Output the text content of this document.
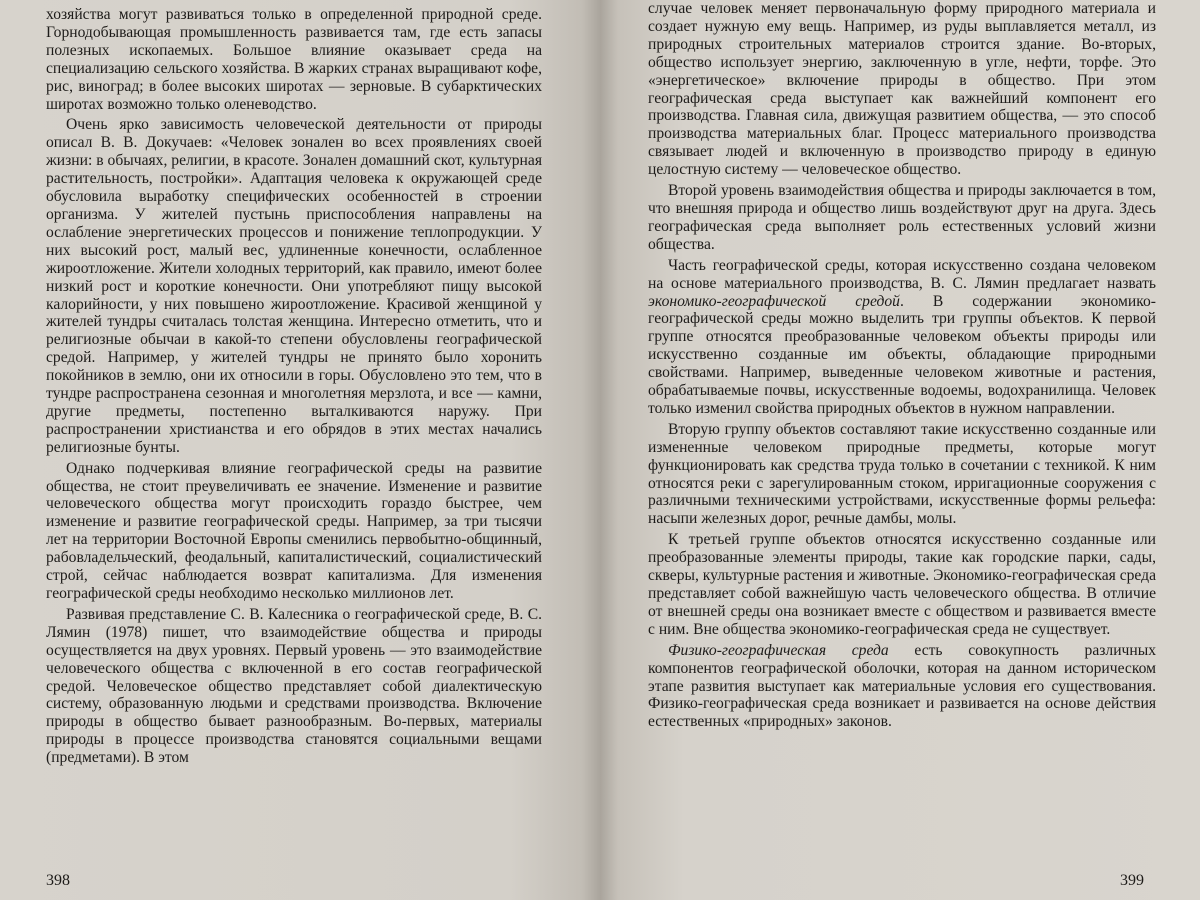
хозяйства могут развиваться только в определенной природной среде. Горнодобывающая промышленность развивается там, где есть запасы полезных ископаемых. Большое влияние оказывает среда на специализацию сельского хозяйства. В жарких странах выращивают кофе, рис, виноград; в более высоких широтах — зерновые. В субарктических широтах возможно только оленеводство.

Очень ярко зависимость человеческой деятельности от природы описал В. В. Докучаев: «Человек зонален во всех проявлениях своей жизни: в обычаях, религии, в красоте. Зонален домашний скот, культурная растительность, постройки». Адаптация человека к окружающей среде обусловила выработку специфических особенностей в строении организма. У жителей пустынь приспособления направлены на ослабление энергетических процессов и понижение теплопродукции. У них высокий рост, малый вес, удлиненные конечности, ослабленное жироотложение. Жители холодных территорий, как правило, имеют более низкий рост и короткие конечности. Они употребляют пищу высокой калорийности, у них повышено жироотложение. Красивой женщиной у жителей тундры считалась толстая женщина. Интересно отметить, что и религиозные обычаи в какой-то степени обусловлены географической средой. Например, у жителей тундры не принято было хоронить покойников в землю, они их относили в горы. Обусловлено это тем, что в тундре распространена сезонная и многолетняя мерзлота, и все — камни, другие предметы, постепенно выталкиваются наружу. При распространении христианства и его обрядов в этих местах начались религиозные бунты.

Однако подчеркивая влияние географической среды на развитие общества, не стоит преувеличивать ее значение. Изменение и развитие человеческого общества могут происходить гораздо быстрее, чем изменение и развитие географической среды. Например, за три тысячи лет на территории Восточной Европы сменились первобытно-общинный, рабовладельческий, феодальный, капиталистический, социалистический строй, сейчас наблюдается возврат капитализма. Для изменения географической среды необходимо несколько миллионов лет.

Развивая представление С. В. Калесника о географической среде, В. С. Лямин (1978) пишет, что взаимодействие общества и природы осуществляется на двух уровнях. Первый уровень — это взаимодействие человеческого общества с включенной в его состав географической средой. Человеческое общество представляет собой диалектическую систему, образованную людьми и средствами производства. Включение природы в общество бывает разнообразным. Во-первых, материалы природы в процессе производства становятся социальными вещами (предметами). В этом

398

случае человек меняет первоначальную форму природного материала и создает нужную ему вещь. Например, из руды выплавляется металл, из природных строительных материалов строится здание. Во-вторых, общество использует энергию, заключенную в угле, нефти, торфе. Это «энергетическое» включение природы в общество. При этом географическая среда выступает как важнейший компонент его производства. Главная сила, движущая развитием общества, — это способ производства материальных благ. Процесс материального производства связывает людей и включенную в производство природу в единую целостную систему — человеческое общество.

Второй уровень взаимодействия общества и природы заключается в том, что внешняя природа и общество лишь воздействуют друг на друга. Здесь географическая среда выполняет роль естественных условий жизни общества.

Часть географической среды, которая искусственно создана человеком на основе материального производства, В. С. Лямин предлагает назвать экономико-географической средой. В содержании экономико-географической среды можно выделить три группы объектов. К первой группе относятся преобразованные человеком объекты природы или искусственно созданные им объекты, обладающие природными свойствами. Например, выведенные человеком животные и растения, обрабатываемые почвы, искусственные водоемы, водохранилища. Человек только изменил свойства природных объектов в нужном направлении.

Вторую группу объектов составляют такие искусственно созданные или измененные человеком природные предметы, которые могут функционировать как средства труда только в сочетании с техникой. К ним относятся реки с зарегулированным стоком, ирригационные сооружения с различными техническими устройствами, искусственные формы рельефа: насыпи железных дорог, речные дамбы, молы.

К третьей группе объектов относятся искусственно созданные или преобразованные элементы природы, такие как городские парки, сады, скверы, культурные растения и животные. Экономико-географическая среда представляет собой важнейшую часть человеческого общества. В отличие от внешней среды она возникает вместе с обществом и развивается вместе с ним. Вне общества экономико-географическая среда не существует.

Физико-географическая среда есть совокупность различных компонентов географической оболочки, которая на данном историческом этапе развития выступает как материальные условия его существования. Физико-географическая среда возникает и развивается на основе действия естественных «природных» законов.

399
